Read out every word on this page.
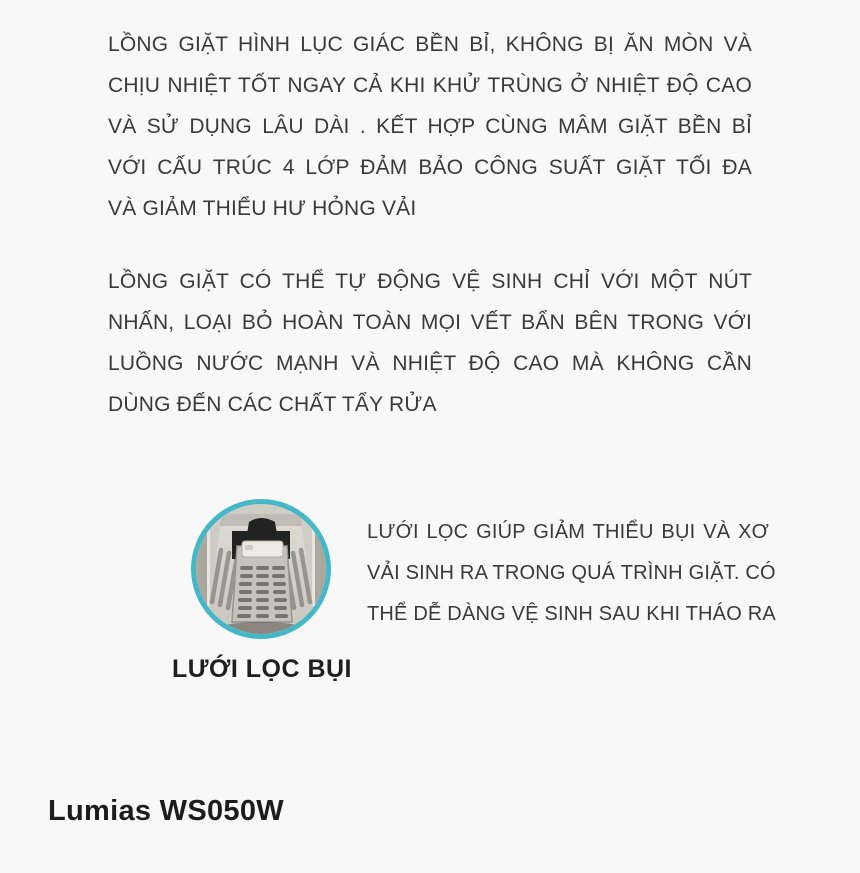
LỒNG GIẶT HÌNH LỤC GIÁC BỀN BỈ, KHÔNG BỊ ĂN MÒN VÀ
CHỊU NHIỆT TỐT NGAY CẢ KHI KHỬ TRÙNG Ở NHIỆT ĐỘ CAO
VÀ SỬ DỤNG LÂU DÀI . KẾT HỢP CÙNG MÂM GIẶT BỀN BỈ
VỚI CẤU TRÚC 4 LỚP ĐẢM BẢO CÔNG SUẤT GIẶT TỐI ĐA
VÀ GIẢM THIỂU HƯ HỎNG VẢI
LỒNG GIẶT CÓ THỂ TỰ ĐỘNG VỆ SINH CHỈ VỚI MỘT NÚT
NHẤN, LOẠI BỎ HOÀN TOÀN MỌI VẾT BẨN BÊN TRONG VỚI
LUỒNG NƯỚC MẠNH VÀ NHIỆT ĐỘ CAO MÀ KHÔNG CẦN
DÙNG ĐẾN CÁC CHẤT TẨY RỬA
LƯỚI LỌC BỤI
LƯỚI LỌC GIÚP GIẢM THIỂU BỤI VÀ XƠ
VẢI SINH RA TRONG QUÁ TRÌNH GIẶT. CÓ
THỂ DỄ DÀNG VỆ SINH SAU KHI THÁO RA
Lumias WS050W
